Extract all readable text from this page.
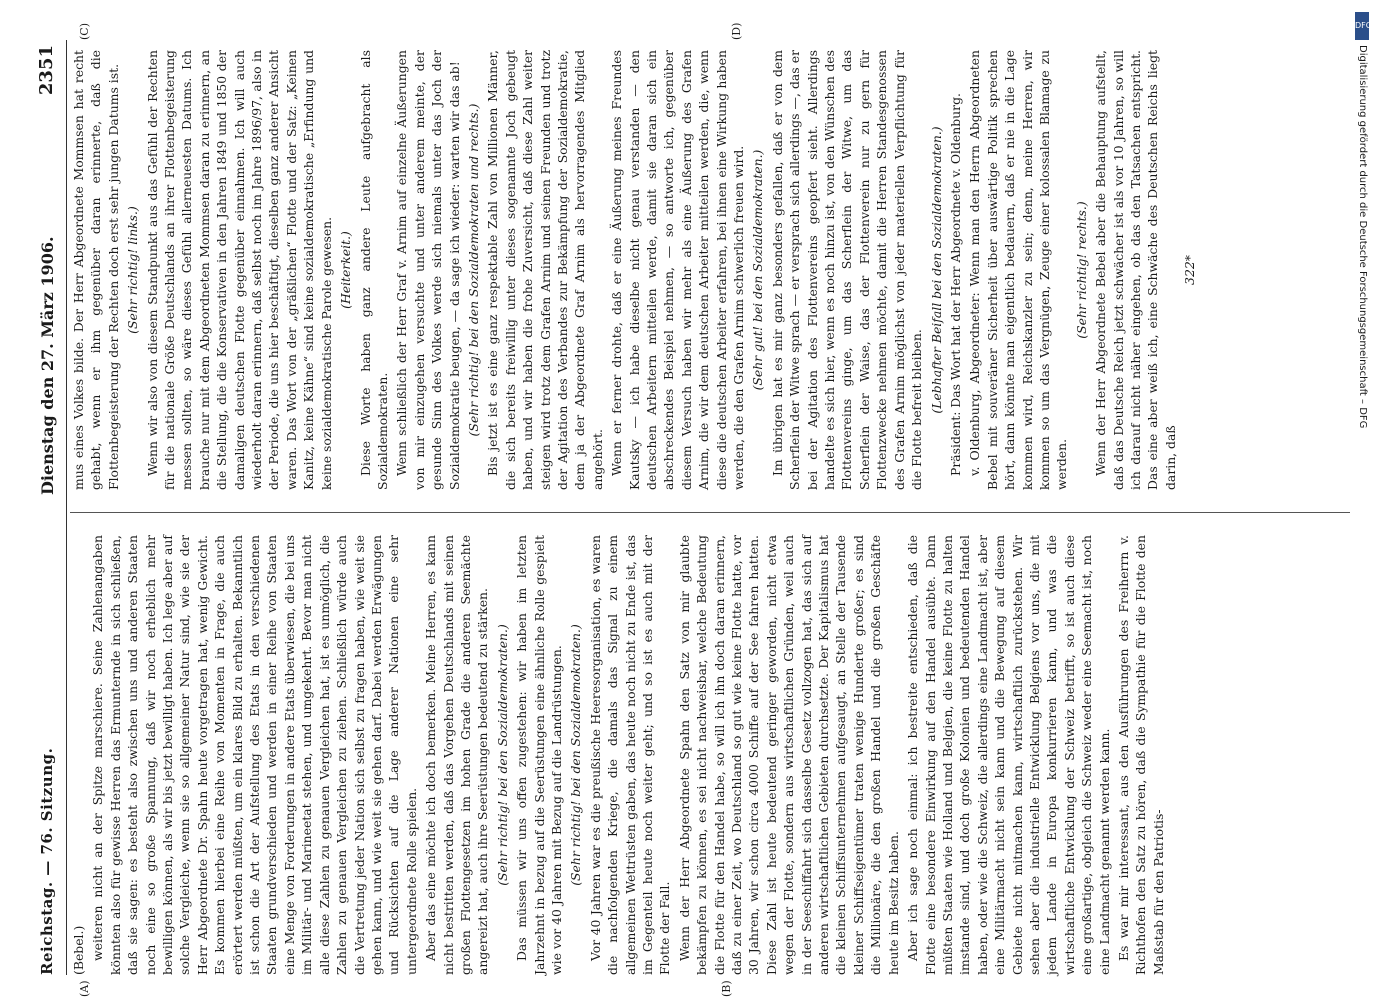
Reichstag. — 76. Sitzung.
Dienstag den 27. März 1906.
2351

(Bebel.) weiteren nicht an der Spitze marschiere. Seine Zahlenangaben könnten also für gewisse Herren das Ermunternde in sich schließen, daß sie sagen: es besteht also zwischen uns und anderen Staaten noch eine so große Spannung, daß wir noch erheblich mehr bewilligen können, als wir bis jetzt bewilligt haben. Ich lege aber auf solche Vergleiche, wenn sie so allgemeiner Natur sind, wie sie der Herr Abgeordnete Dr. Spahn heute vorgetragen hat, wenig Gewicht. Es kommen hierbei eine Reihe von Momenten in Frage, die auch erörtert werden müßten, um ein klares Bild zu erhalten. Bekanntlich ist schon die Art der Aufstellung des Etats in den verschiedenen Staaten grundverschieden und werden in einer Reihe von Staaten eine Menge von Forderungen in andere Etats überwiesen, die bei uns im Militär- und Marineetat stehen, und umgekehrt. Bevor man nicht alle diese Zahlen zu genauen Vergleichen hat, ist es unmöglich, die Zahlen zu genauen Vergleichen zu ziehen. Schließlich würde auch die Vertretung jeder Nation sich selbst zu fragen haben, wie weit sie gehen kann, und wie weit sie gehen darf. Dabei werden Erwägungen und Rücksichten auf die Lage anderer Nationen eine sehr untergeordnete Rolle spielen. Aber das eine möchte ich doch bemerken. Meine Herren, es kann nicht bestritten werden, daß das Vorgehen Deutschlands mit seinen großen Flottengesetzen im hohen Grade die anderen Seemächte angereizt hat, auch ihre Seerüstungen bedeutend zu stärken. (Sehr richtig! bei den Sozialdemokraten.) Das müssen wir uns offen zugestehen: wir haben im letzten Jahrzehnt in bezug auf die Seerüstungen eine ähnliche Rolle gespielt wie vor 40 Jahren mit Bezug auf die Landrüstungen. (Sehr richtig! bei den Sozialdemokraten.) Vor 40 Jahren war es die preußische Heeresorganisation, es waren die nachfolgenden Kriege, die damals das Signal zu einem allgemeinen Wettrüsten gaben, das heute noch nicht zu Ende ist, das im Gegenteil heute noch weiter geht; und so ist es auch mit der Flotte der Fall. Wenn der Herr Abgeordnete Spahn den Satz von mir glaubte bekämpfen zu können, es sei nicht nachweisbar, welche Bedeutung die Flotte für den Handel habe, so will ich ihn doch daran erinnern, daß zu einer Zeit, wo Deutschland so gut wie keine Flotte hatte, vor 30 Jahren, wir schon circa 4000 Schiffe auf der See fahren hatten. Diese Zahl ist heute bedeutend geringer geworden, nicht etwa wegen der Flotte, sondern aus wirtschaftlichen Gründen, weil auch in der Seeschiffahrt sich dasselbe Gesetz vollzogen hat, das sich auf anderen wirtschaftlichen Gebieten durchsetzte. Der Kapitalismus hat die kleinen Schiffsunternehmen aufgesaugt, an Stelle der Tausende kleiner Schiffseigentümer traten wenige Hunderte großer; es sind die Millionäre, die den großen Handel und die großen Geschäfte heute im Besitz haben. Aber ich sage noch einmal: ich bestreite entschieden, daß die Flotte eine besondere Einwirkung auf den Handel ausübte. Dann müßten Staaten wie Holland und Belgien, die keine Flotte zu halten imstande sind, und doch große Kolonien und bedeutenden Handel haben, oder wie die Schweiz, die allerdings eine Landmacht ist, aber eine Militärmacht nicht sein kann und die Bewegung auf diesem Gebiete nicht mitmachen kann, wirtschaftlich zurückstehen. Wir sehen aber die industrielle Entwicklung Belgiens vor uns, die mit jedem Lande in Europa konkurrieren kann, und was die wirtschaftliche Entwicklung der Schweiz betrifft, so ist auch diese eine großartige, obgleich die Schweiz weder eine Seemacht ist, noch eine Landmacht genannt werden kann. Es war mir interessant, aus den Ausführungen des Freiherrn v. Richthofen den Satz zu hören, daß die Sympathie für die Flotte den Maßstab für den Patriotis-

mus eines Volkes bilde. Der Herr Abgeordnete Mommsen hat recht gehabt, wenn er ihm gegenüber daran erinnerte, daß die Flottenbegeisterung der Rechten doch erst sehr jungen Datums ist. (Sehr richtig! links.) Wenn wir also von diesem Standpunkt aus das Gefühl der Rechten für die nationale Größe Deutschlands an ihrer Flottenbegeisterung messen sollten, so wäre dieses Gefühl allerneuesten Datums. Ich brauche nur mit dem Abgeordneten Mommsen daran zu erinnern, an die Stellung, die die Konservativen in den Jahren 1849 und 1850 der damaligen deutschen Flotte gegenüber einnahmen. Ich will auch wiederholt daran erinnern, daß selbst noch im Jahre 1896/97, also in der Periode, die uns hier beschäftigt, dieselben ganz anderer Ansicht waren. Das Wort von der „gräßlichen“ Flotte und der Satz: „Keinen Kanitz, keine Kähne“ sind keine sozialdemokratische „Erfindung und keine sozialdemokratische Parole gewesen. (Heiterkeit.) Diese Worte haben ganz andere Leute aufgebracht als Sozialdemokraten. Wenn schließlich der Herr Graf v. Arnim auf einzelne Äußerungen von mir einzugehen versuchte und unter anderem meinte, der gesunde Sinn des Volkes werde sich niemals unter das Joch der Sozialdemokratie beugen, — da sage ich wieder: warten wir das ab! (Sehr richtig! bei den Sozialdemokraten und rechts.) Bis jetzt ist es eine ganz respektable Zahl von Millionen Männer, die sich bereits freiwillig unter dieses sogenannte Joch gebeugt haben, und wir haben die frohe Zuversicht, daß diese Zahl weiter steigen wird trotz dem Grafen Arnim und seinen Freunden und trotz der Agitation des Verbandes zur Bekämpfung der Sozialdemokratie, dem ja der Abgeordnete Graf Arnim als hervorragendes Mitglied angehört. Wenn er ferner drohte, daß er eine Äußerung meines Freundes Kautsky — ich habe dieselbe nicht genau verstanden — den deutschen Arbeitern mitteilen werde, damit sie daran sich ein abschreckendes Beispiel nehmen, — so antworte ich, gegenüber diesem Versuch haben wir mehr als eine Äußerung des Grafen Arnim, die wir dem deutschen Arbeiter mitteilen werden, die, wenn diese die deutschen Arbeiter erfahren, bei ihnen eine Wirkung haben werden, die den Grafen Arnim schwerlich freuen wird. (Sehr gut! bei den Sozialdemokraten.) Im übrigen hat es mir ganz besonders gefallen, daß er von dem Scherflein der Witwe sprach — er versprach sich allerdings —, das er bei der Agitation des Flottenvereins geopfert sieht. Allerdings handelte es sich hier, wenn es noch hinzu ist, von den Wünschen des Flottenvereins ginge, um das Scherflein der Witwe, um das Scherflein der Waise, das der Flottenverein nur zu gern für Flottenzwecke nehmen möchte, damit die Herren Standesgenossen des Grafen Arnim möglichst von jeder materiellen Verpflichtung für die Flotte befreit bleiben. (Lebhafter Beifall bei den Sozialdemokraten.) Präsident: Das Wort hat der Herr Abgeordnete v. Oldenburg. v. Oldenburg, Abgeordneter: Wenn man den Herrn Abgeordneten Bebel mit souveräner Sicherheit über auswärtige Politik sprechen hört, dann könnte man eigentlich bedauern, daß er nie in die Lage kommen wird, Reichskanzler zu sein; denn, meine Herren, wir kommen so um das Vergnügen, Zeuge einer kolossalen Blamage zu werden.

(Sehr richtig! rechts.) Wenn der Herr Abgeordnete Bebel aber die Behauptung aufstellt, daß das Deutsche Reich jetzt schwächer ist als vor 10 Jahren, so will ich darauf nicht näher eingehen, ob das den Tatsachen entspricht. Das eine aber weiß ich, eine Schwäche des Deutschen Reichs liegt darin, daß

322*

(A)	(B)
(C)	(D)	DFG
Digitalisierung gefördert durch die Deutsche Forschungsgemeinschaft – DFG
